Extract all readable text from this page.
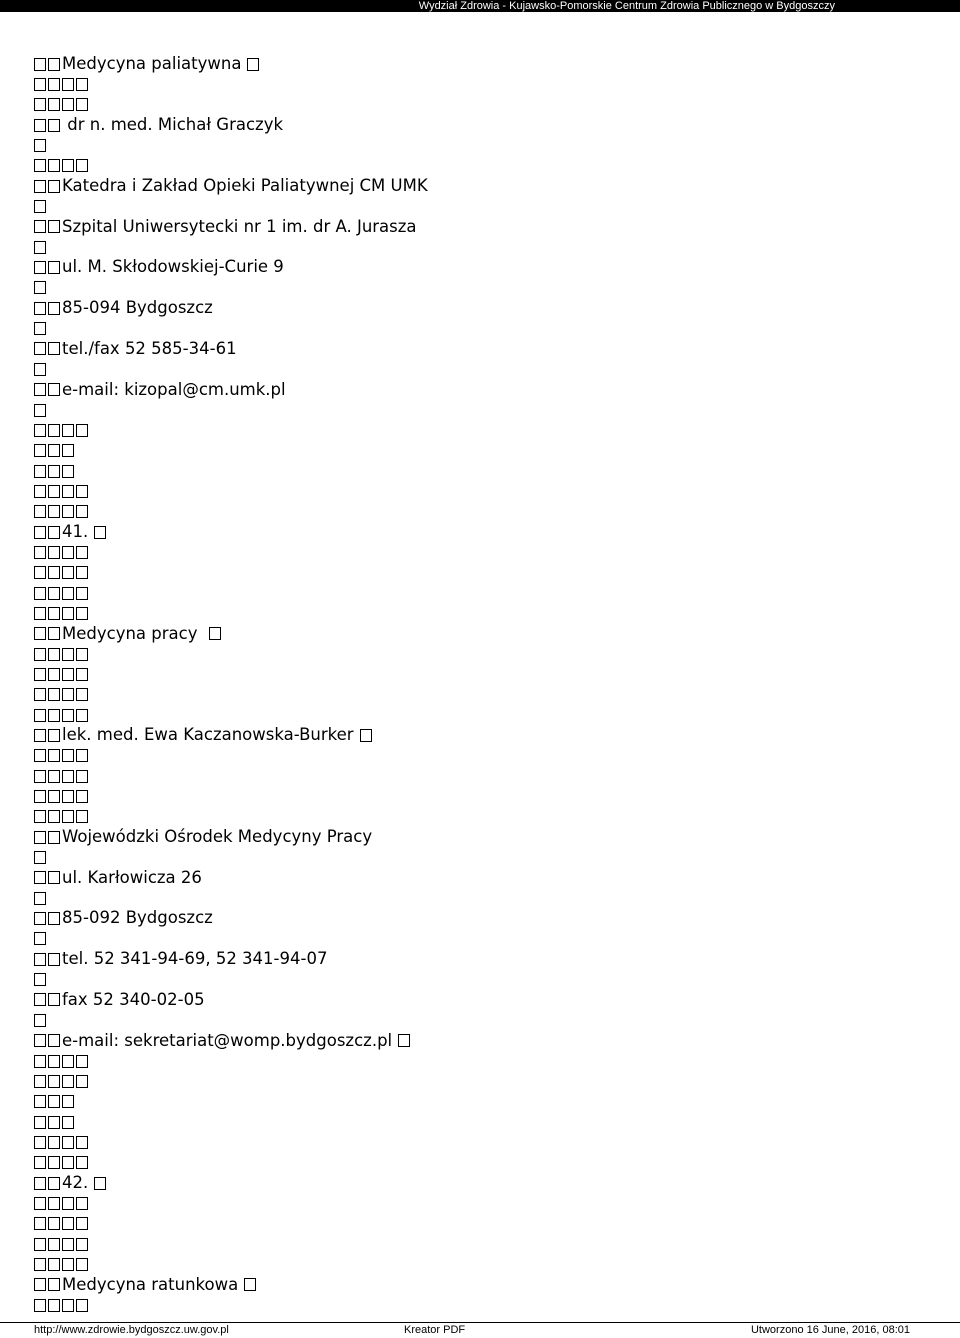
Wydział Zdrowia - Kujawsko-Pomorskie Centrum Zdrowia Publicznego w Bydgoszczy
Medycyna paliatywna
dr n. med. Michał Graczyk
Katedra i Zakład Opieki Paliatywnej CM UMK
Szpital Uniwersytecki nr 1 im. dr A. Jurasza
ul. M. Skłodowskiej-Curie 9
85-094 Bydgoszcz
tel./fax 52 585-34-61
e-mail: kizopal@cm.umk.pl
41.
Medycyna pracy
lek. med. Ewa Kaczanowska-Burker
Wojewódzki Ośrodek Medycyny Pracy
ul. Karłowicza 26
85-092 Bydgoszcz
tel. 52 341-94-69, 52 341-94-07
fax 52 340-02-05
e-mail: sekretariat@womp.bydgoszcz.pl
42.
Medycyna ratunkowa
http://www.zdrowie.bydgoszcz.uw.gov.pl	Kreator PDF	Utworzono 16 June, 2016, 08:01
